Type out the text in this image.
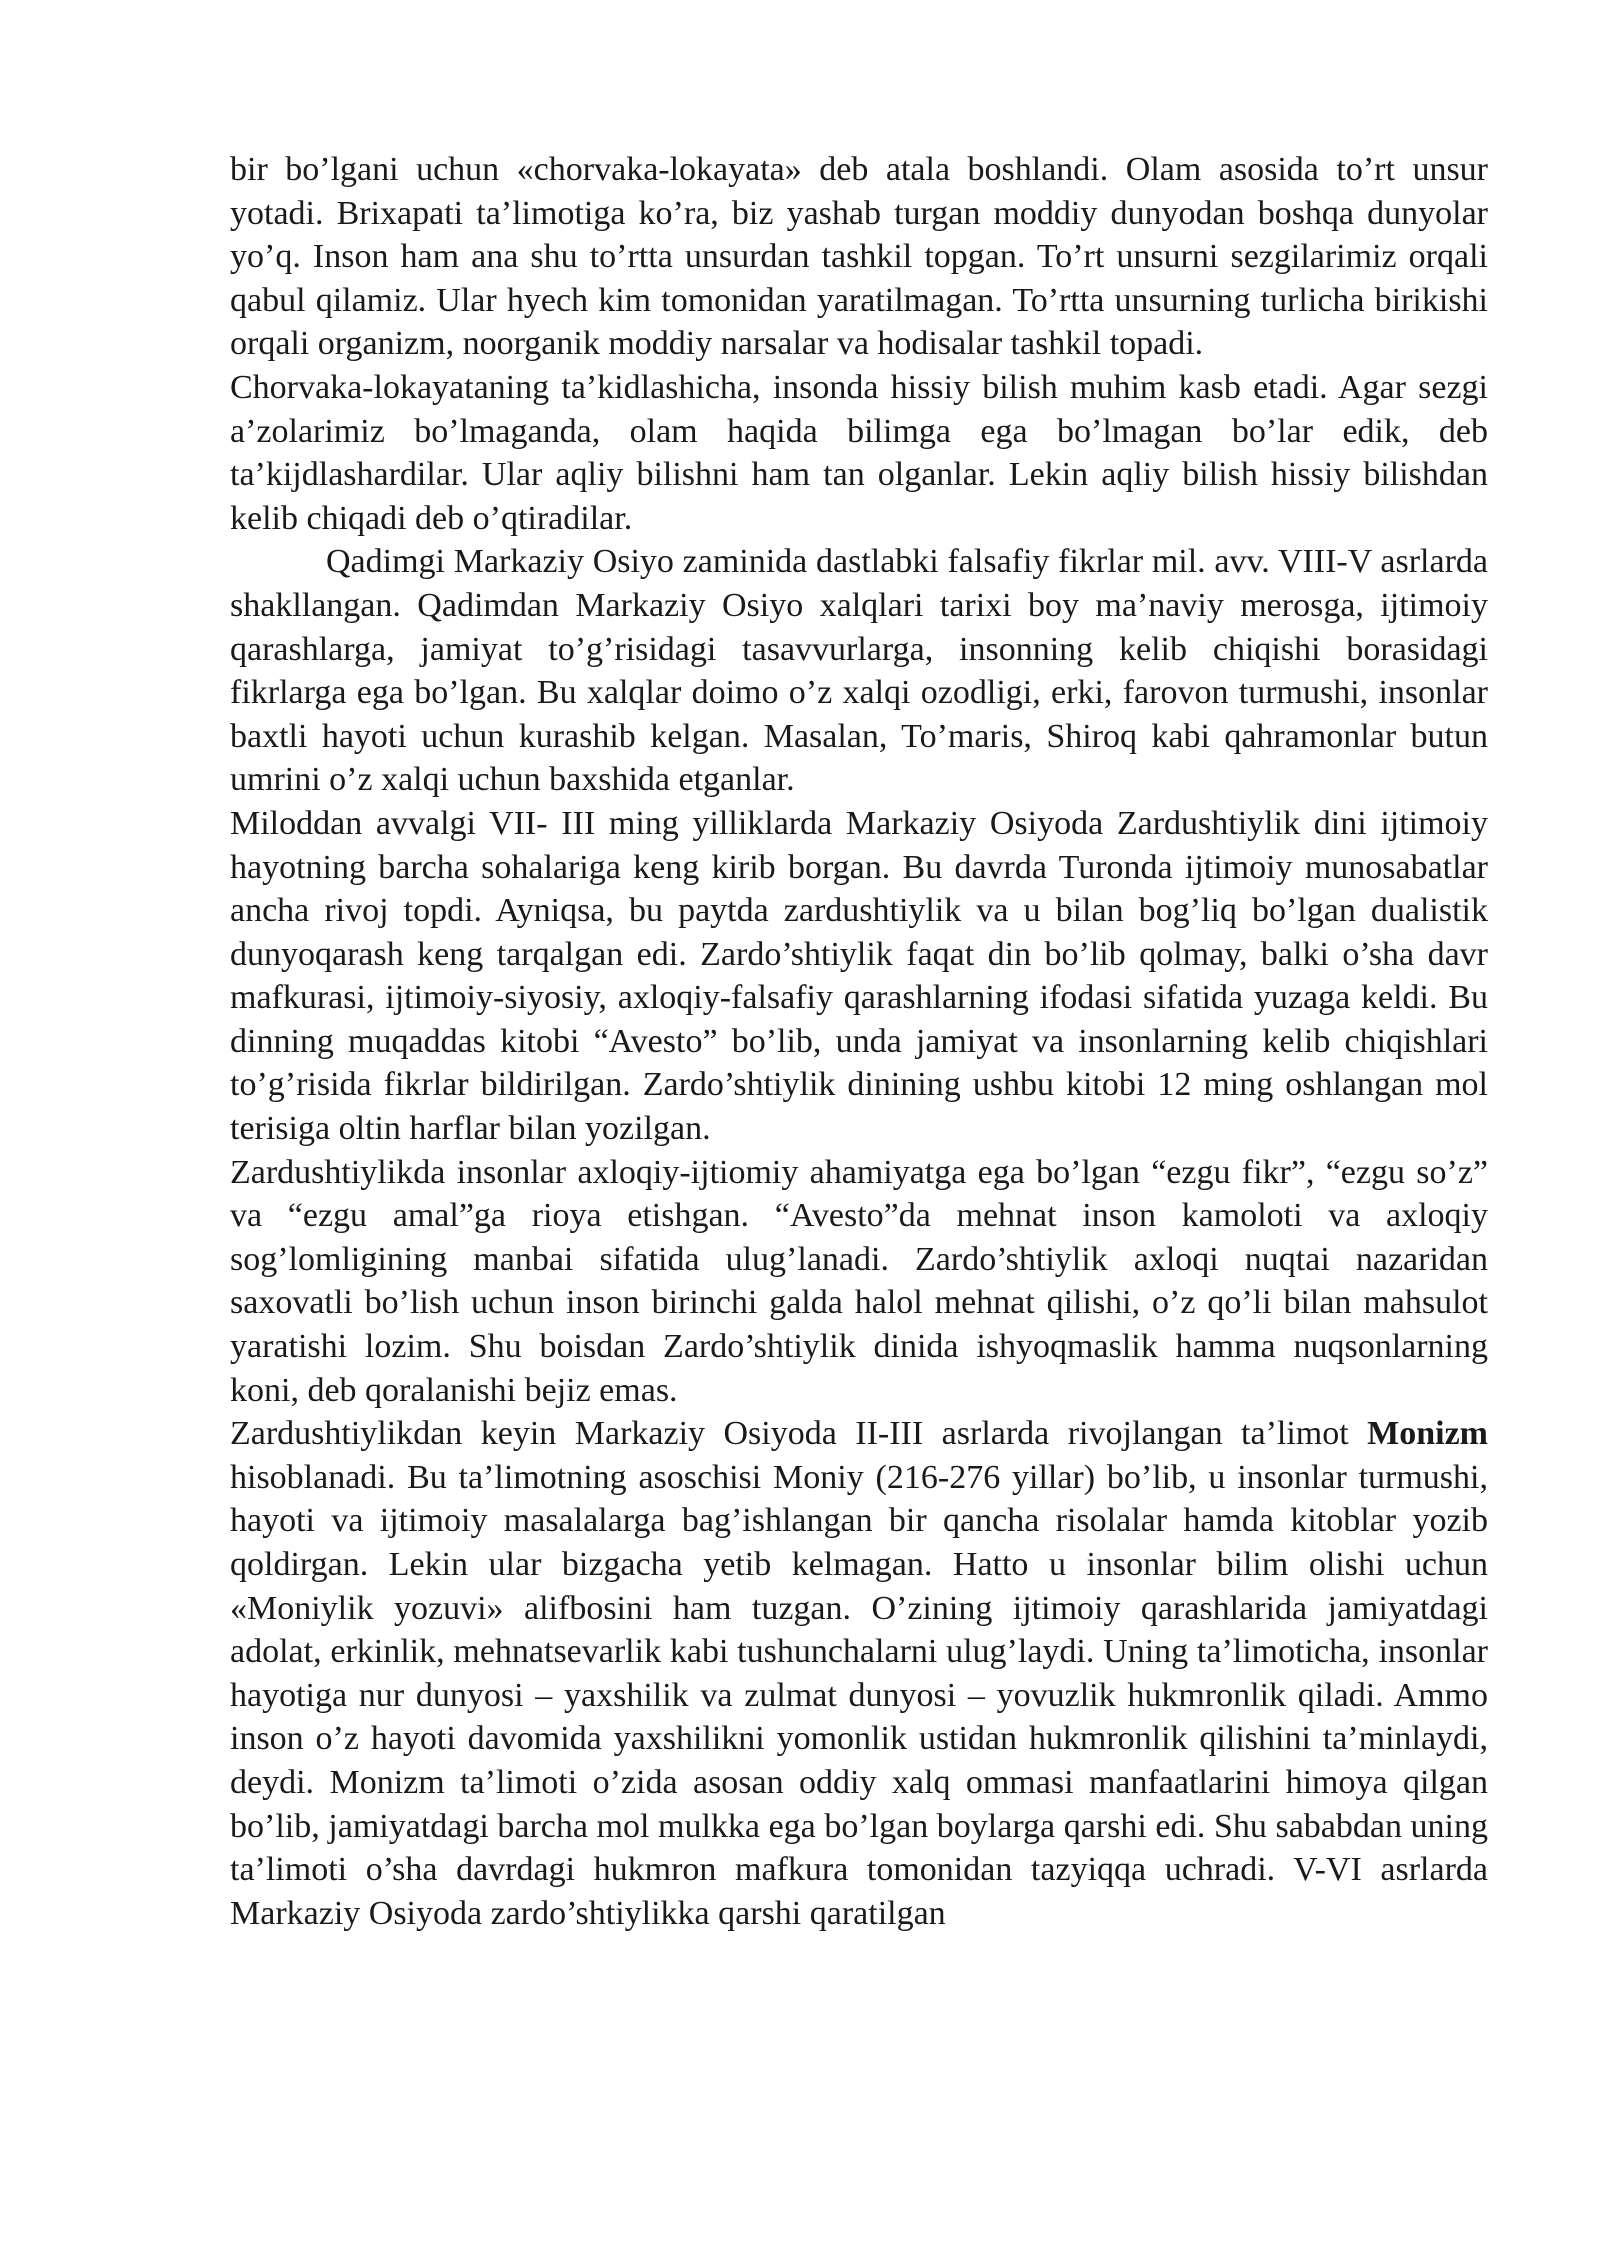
bir bo’lgani uchun «chorvaka-lokayata» deb atala boshlandi. Olam asosida to’rt unsur yotadi. Brixapati ta’limotiga ko’ra, biz yashab turgan moddiy dunyodan boshqa dunyolar yo’q. Inson ham ana shu to’rtta unsurdan tashkil topgan. To’rt unsurni sezgilarimiz orqali qabul qilamiz. Ular hyech kim tomonidan yaratilmagan. To’rtta unsurning turlicha birikishi orqali organizm, noorganik moddiy narsalar va hodisalar tashkil topadi.

Chorvaka-lokayataning ta’kidlashicha, insonda hissiy bilish muhim kasb etadi. Agar sezgi a’zolarimiz bo’lmaganda, olam haqida bilimga ega bo’lmagan bo’lar edik, deb ta’kijdlashardilar. Ular aqliy bilishni ham tan olganlar. Lekin aqliy bilish hissiy bilishdan kelib chiqadi deb o’qtiradilar.

Qadimgi Markaziy Osiyo zaminida dastlabki falsafiy fikrlar mil. avv. VIII-V asrlarda shakllangan. Qadimdan Markaziy Osiyo xalqlari tarixi boy ma’naviy merosga, ijtimoiy qarashlarga, jamiyat to’g’risidagi tasavvurlarga, insonning kelib chiqishi borasidagi fikrlarga ega bo’lgan. Bu xalqlar doimo o’z xalqi ozodligi, erki, farovon turmushi, insonlar baxtli hayoti uchun kurashib kelgan. Masalan, To’maris, Shiroq kabi qahramonlar butun umrini o’z xalqi uchun baxshida etganlar.

Miloddan avvalgi VII- III ming yilliklarda Markaziy Osiyoda Zardushtiylik dini ijtimoiy hayotning barcha sohalariga keng kirib borgan. Bu davrda Turonda ijtimoiy munosabatlar ancha rivoj topdi. Ayniqsa, bu paytda zardushtiylik va u bilan bog’liq bo’lgan dualistik dunyoqarash keng tarqalgan edi. Zardo’shtiylik faqat din bo’lib qolmay, balki o’sha davr mafkurasi, ijtimoiy-siyosiy, axloqiy-falsafiy qarashlarning ifodasi sifatida yuzaga keldi. Bu dinning muqaddas kitobi “Avesto” bo’lib, unda jamiyat va insonlarning kelib chiqishlari to’g’risida fikrlar bildirilgan. Zardo’shtiylik dinining ushbu kitobi 12 ming oshlangan mol terisiga oltin harflar bilan yozilgan.

Zardushtiylikda insonlar axloqiy-ijtiomiy ahamiyatga ega bo’lgan “ezgu fikr”, “ezgu so’z” va “ezgu amal”ga rioya etishgan. “Avesto”da mehnat inson kamoloti va axloqiy sog’lomligining manbai sifatida ulug’lanadi. Zardo’shtiylik axloqi nuqtai nazaridan saxovatli bo’lish uchun inson birinchi galda halol mehnat qilishi, o’z qo’li bilan mahsulot yaratishi lozim. Shu boisdan Zardo’shtiylik dinida ishyoqmaslik hamma nuqsonlarning koni, deb qoralanishi bejiz emas.

Zardushtiylikdan keyin Markaziy Osiyoda II-III asrlarda rivojlangan ta’limot Monizm hisoblanadi. Bu ta’limotning asoschisi Moniy (216-276 yillar) bo’lib, u insonlar turmushi, hayoti va ijtimoiy masalalarga bag’ishlangan bir qancha risolalar hamda kitoblar yozib qoldirgan. Lekin ular bizgacha yetib kelmagan. Hatto u insonlar bilim olishi uchun «Moniylik yozuvi» alifbosini ham tuzgan. O’zining ijtimoiy qarashlarida jamiyatdagi adolat, erkinlik, mehnatsevarlik kabi tushunchalarni ulug’laydi. Uning ta’limoticha, insonlar hayotiga nur dunyosi – yaxshilik va zulmat dunyosi – yovuzlik hukmronlik qiladi. Ammo inson o’z hayoti davomida yaxshilikni yomonlik ustidan hukmronlik qilishini ta’minlaydi, deydi. Monizm ta’limoti o’zida asosan oddiy xalq ommasi manfaatlarini himoya qilgan bo’lib, jamiyatdagi barcha mol mulkka ega bo’lgan boylarga qarshi edi. Shu sababdan uning ta’limoti o’sha davrdagi hukmron mafkura tomonidan tazyiqqa uchradi. V-VI asrlarda Markaziy Osiyoda zardo’shtiylikka qarshi qaratilgan
